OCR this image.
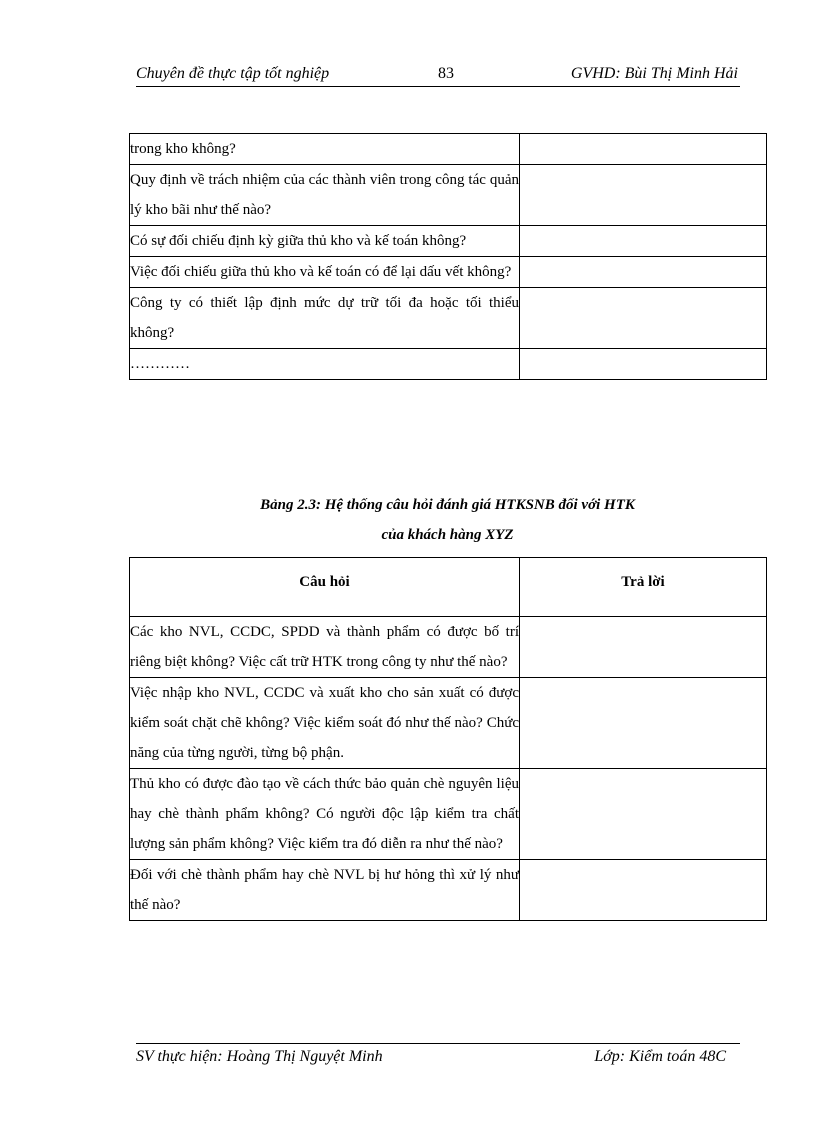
Chuyên đề thực tập tốt nghiệp	83	GVHD: Bùi Thị Minh Hải
trong kho không?	
Quy định về trách nhiệm của các thành viên trong công tác quản lý kho bãi như thế nào?	
Có sự đối chiếu định kỳ giữa thủ kho và kế toán không?	
Việc đối chiếu giữa thủ kho và kế toán có để lại dấu vết không?	
Công ty có thiết lập định mức dự trữ tối đa hoặc tối thiểu không?	
…………	
Bảng 2.3: Hệ thống câu hỏi đánh giá HTKSNB đối với HTK
của khách hàng XYZ
Câu hỏi	Trả lời

Các kho NVL, CCDC, SPDD và thành phẩm có được bố trí riêng biệt không? Việc cất trữ HTK trong công ty như thế nào?	
Việc nhập kho NVL, CCDC và xuất kho cho sản xuất có được kiểm soát chặt chẽ không? Việc kiểm soát đó như thế nào? Chức năng của từng người, từng bộ phận.	
Thủ kho có được đào tạo về cách thức bảo quản chè nguyên liệu hay chè thành phẩm không? Có người độc lập kiểm tra chất lượng sản phẩm không? Việc kiểm tra đó diễn ra như thế nào?	
Đối với chè thành phẩm hay chè NVL bị hư hỏng thì xử lý như thế nào?	
SV thực hiện: Hoàng Thị Nguyệt Minh	Lớp: Kiểm toán 48C
